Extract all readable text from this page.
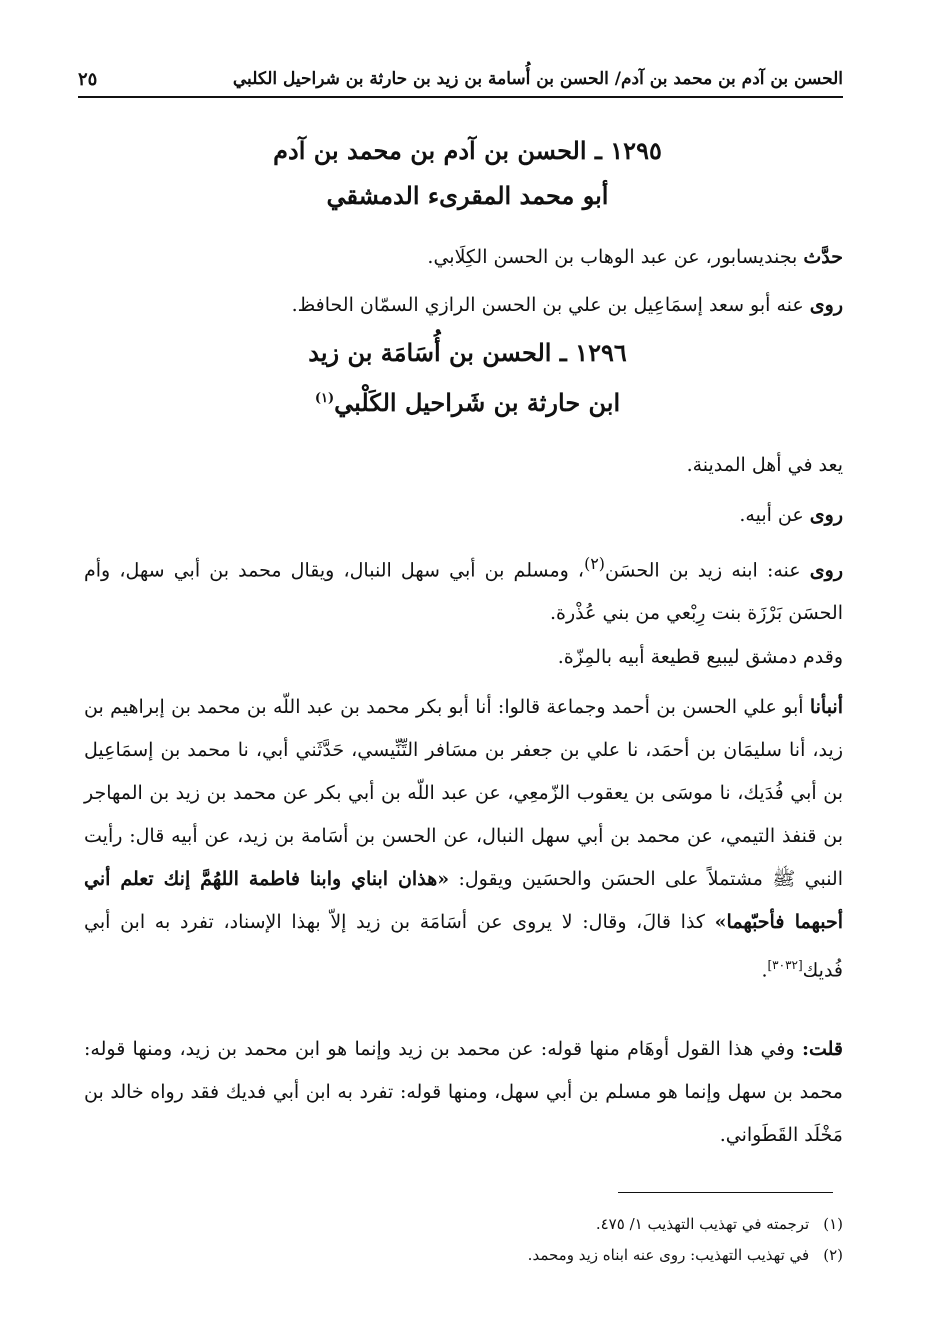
الحسن بن آدم بن محمد بن آدم/ الحسن بن أُسامة بن زيد بن حارثة بن شراحيل الكلبي
٢٥
١٢٩٥ ـ الحسن بن آدم بن محمد بن آدم
أبو محمد المقرىء الدمشقي
حدَّث بجنديسابور، عن عبد الوهاب بن الحسن الكِلَابي.
روى عنه أبو سعد إسمَاعِيل بن علي بن الحسن الرازي السمّان الحافظ.
١٢٩٦ ـ الحسن بن أُسَامَة بن زيد
ابن حارثة بن شَراحيل الكَلْبي$^{(١)}$
يعد في أهل المدينة.
روى عن أبيه.
روى عنه: ابنه زيد بن الحسَن$^{(٢)}$، ومسلم بن أبي سهل النبال، ويقال محمد بن أبي سهل، وأم الحسَن بَرْزَة بنت رِبْعي من بني عُذْرة.
وقدم دمشق ليبيع قطيعة أبيه بالمِزّة.
أنبأنا أبو علي الحسن بن أحمد وجماعة قالوا: أنا أبو بكر محمد بن عبد اللّه بن محمد بن إبراهيم بن زيد، أنا سليمَان بن أحمَد، نا علي بن جعفر بن مسَافر التِّنِّيسي، حَدَّثَني أبي، نا محمد بن إسمَاعِيل بن أبي فُدَيك، نا موسَى بن يعقوب الزّمعِي، عن عبد اللّه بن أبي بكر عن محمد بن زيد بن المهاجر بن قنفذ التيمي، عن محمد بن أبي سهل النبال، عن الحسن بن أسَامة بن زيد، عن أبيه قال: رأيت النبي ﷺ مشتملاً على الحسَن والحسَين ويقول: «هذان ابناي وابنا فاطمة اللهُمَّ إنك تعلم أني أحبهما فأحبّهما» كذا قالَ، وقال: لا يروى عن أسَامَة بن زيد إلاّ بهذا الإسناد، تفرد به ابن أبي فُديك[٣٠٣٢].
قلت: وفي هذا القول أوهَام منها قوله: عن محمد بن زيد وإنما هو ابن محمد بن زيد، ومنها قوله: محمد بن سهل وإنما هو مسلم بن أبي سهل، ومنها قوله: تفرد به ابن أبي فديك فقد رواه خالد بن مَخْلَد القَطَواني.
(١)ترجمته في تهذيب التهذيب ١/ ٤٧٥.
(٢)في تهذيب التهذيب: روى عنه ابناه زيد ومحمد.
